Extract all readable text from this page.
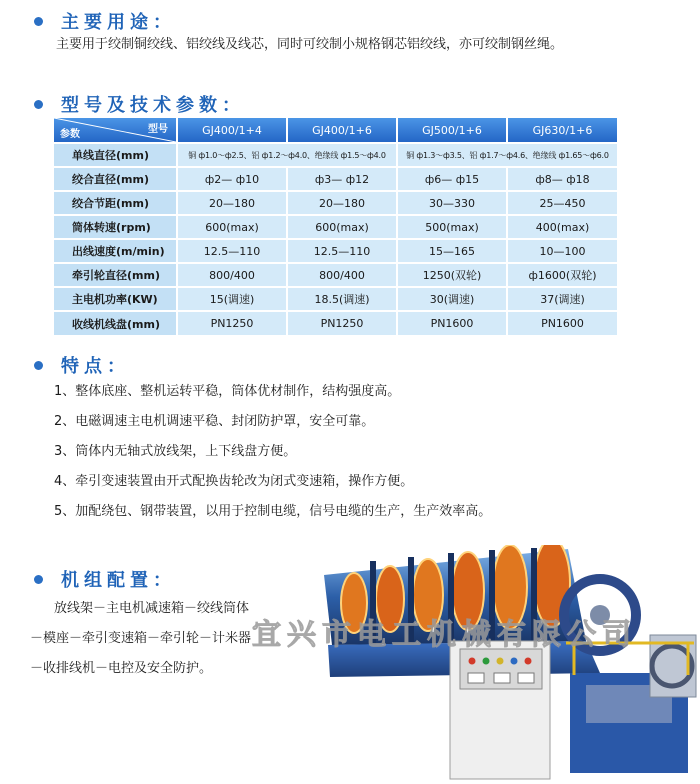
主要用途：

主要用于绞制铜绞线、铝绞线及线芯，同时可绞制小规格钢芯铝绞线，亦可绞制钢丝绳。

型号及技术参数：
型号
参数	GJ400/1+4	GJ400/1+6	GJ500/1+6	GJ630/1+6
单线直径(mm)	铜 ф1.0～ф2.5、铝 ф1.2～ф4.0、绝缘线 ф1.5～ф4.0		铜 ф1.3～ф3.5、铝 ф1.7～ф4.6、绝缘线 ф1.65～ф6.0	
绞合直径(mm)	ф2— ф10	ф3— ф12	ф6— ф15	ф8— ф18
绞合节距(mm)	20—180	20—180	30—330	25—450
筒体转速(rpm)	600(max)	600(max)	500(max)	400(max)
出线速度(m/min)	12.5—110	12.5—110	15—165	10—100
牵引轮直径(mm)	800/400	800/400	1250(双轮)	ф1600(双轮)
主电机功率(KW)	15(调速)	18.5(调速)	30(调速)	37(调速)
收线机线盘(mm)	PN1250	PN1250	PN1600	PN1600
特点：
1、整体底座、整机运转平稳，筒体优材制作，结构强度高。
2、电磁调速主电机调速平稳、封闭防护罩，安全可靠。
3、筒体内无轴式放线架，上下线盘方便。
4、牵引变速装置由开式配换齿轮改为闭式变速箱，操作方便。
5、加配绕包、钢带装置，以用于控制电缆，信号电缆的生产，生产效率高。
机组配置：
放线架－主电机减速箱－绞线筒体
－模座－牵引变速箱－牵引轮－计米器
－收排线机－电控及安全防护。
宜兴市电工机械有限公司
